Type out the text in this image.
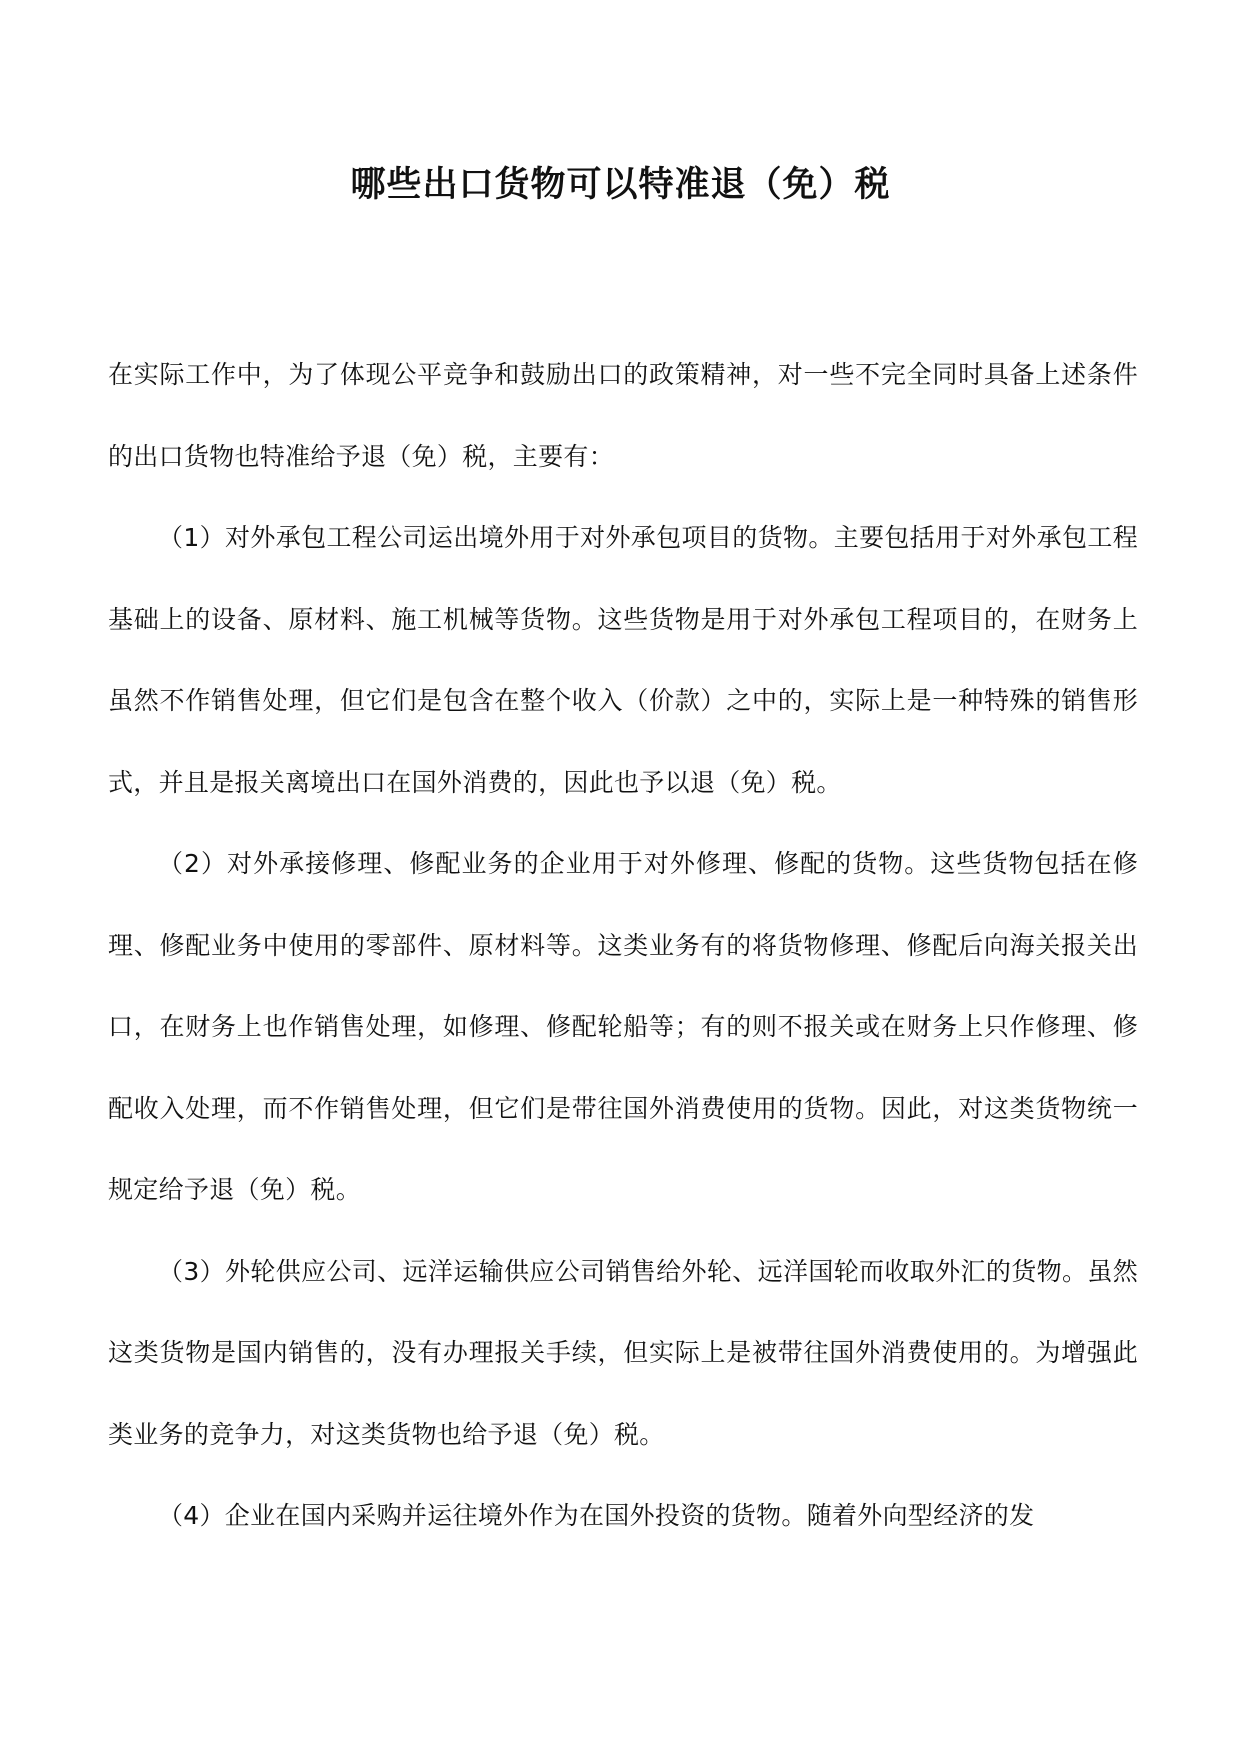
哪些出口货物可以特准退（免）税

在实际工作中，为了体现公平竞争和鼓励出口的政策精神，对一些不完全同时具备上述条件的出口货物也特准给予退（免）税，主要有：

（1）对外承包工程公司运出境外用于对外承包项目的货物。主要包括用于对外承包工程基础上的设备、原材料、施工机械等货物。这些货物是用于对外承包工程项目的，在财务上虽然不作销售处理，但它们是包含在整个收入（价款）之中的，实际上是一种特殊的销售形式，并且是报关离境出口在国外消费的，因此也予以退（免）税。

（2）对外承接修理、修配业务的企业用于对外修理、修配的货物。这些货物包括在修理、修配业务中使用的零部件、原材料等。这类业务有的将货物修理、修配后向海关报关出口，在财务上也作销售处理，如修理、修配轮船等；有的则不报关或在财务上只作修理、修配收入处理，而不作销售处理，但它们是带往国外消费使用的货物。因此，对这类货物统一规定给予退（免）税。

（3）外轮供应公司、远洋运输供应公司销售给外轮、远洋国轮而收取外汇的货物。虽然这类货物是国内销售的，没有办理报关手续，但实际上是被带往国外消费使用的。为增强此类业务的竞争力，对这类货物也给予退（免）税。

（4）企业在国内采购并运往境外作为在国外投资的货物。随着外向型经济的发
